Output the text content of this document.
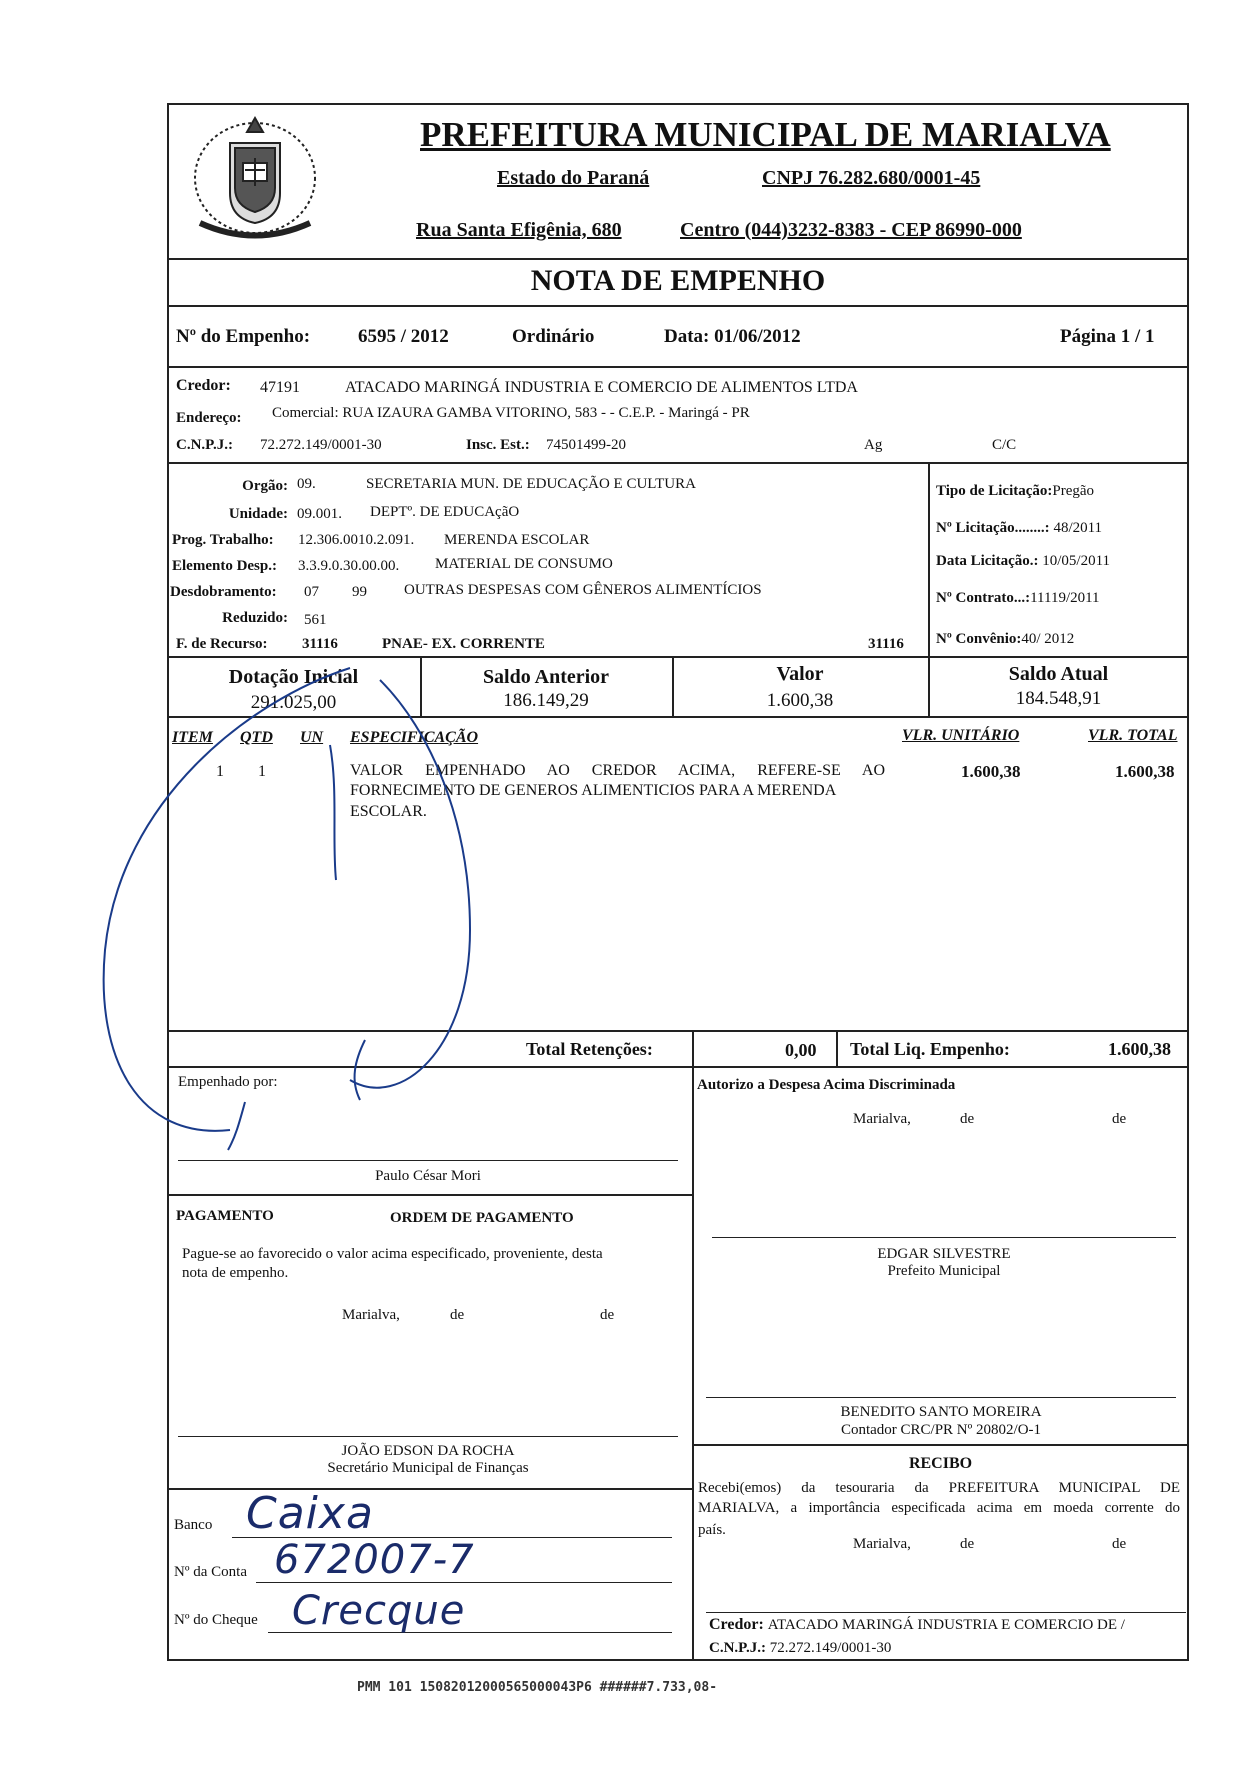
PREFEITURA MUNICIPAL DE MARIALVA
Estado do Paraná	CNPJ 76.282.680/0001-45
Rua Santa Efigênia, 680	Centro (044)3232-8383 - CEP 86990-000
NOTA DE EMPENHO
Nº do Empenho:	6595 / 2012	Ordinário	Data: 01/06/2012	Página 1 / 1
Credor: 47191	ATACADO MARINGÁ INDUSTRIA E COMERCIO DE ALIMENTOS LTDA
Endereço: Comercial: RUA IZAURA GAMBA VITORINO, 583 - - C.E.P. - Maringá - PR
C.N.P.J.: 72.272.149/0001-30	Insc. Est.: 74501499-20	Ag	C/C
Orgão: 09.	SECRETARIA MUN. DE EDUCAÇÃO E CULTURA
Unidade: 09.001. DEPTº. DE EDUCAçãO
Prog. Trabalho: 12.306.0010.2.091. MERENDA ESCOLAR
Elemento Desp.: 3.3.9.0.30.00.00. MATERIAL DE CONSUMO
Desdobramento: 07 99 OUTRAS DESPESAS COM GÊNEROS ALIMENTÍCIOS
Reduzido: 561
F. de Recurso: 31116	PNAE- EX. CORRENTE	31116
Tipo de Licitação:Pregão
Nº Licitação........: 48/2011
Data Licitação.: 10/05/2011
Nº Contrato...:11119/2011
Nº Convênio:40/ 2012
Dotação Inicial
291.025,00
Saldo Anterior
186.149,29
Valor
1.600,38
Saldo Atual
184.548,91
ITEM QTD UN ESPECIFICAÇÃO	VLR. UNITÁRIO	VLR. TOTAL
1 1	VALOR EMPENHADO AO CREDOR ACIMA, REFERE-SE AO
FORNECIMENTO DE GENEROS ALIMENTICIOS PARA A MERENDA
ESCOLAR.
1.600,38	1.600,38
Total Retenções:	0,00 Total Liq. Empenho:	1.600,38
Empenhado por:
Paulo César Mori
PAGAMENTO	ORDEM DE PAGAMENTO
Pague-se ao favorecido o valor acima especificado, proveniente, desta
nota de empenho.
Marialva,	de	de
JOÃO EDSON DA ROCHA
Secretário Municipal de Finanças
Banco Caixa
Nº da Conta 672007-7
Nº do Cheque Crecque
Autorizo a Despesa Acima Discriminada
Marialva,	de	de
EDGAR SILVESTRE
Prefeito Municipal
BENEDITO SANTO MOREIRA
Contador CRC/PR Nº 20802/O-1
RECIBO
Recebi(emos) da tesouraria da PREFEITURA MUNICIPAL DE
MARIALVA, a importância especificada acima em moeda corrente do
país.
Marialva,	de	de
Credor: ATACADO MARINGÁ INDUSTRIA E COMERCIO DE /
C.N.P.J.: 72.272.149/0001-30
PMM 101 15082012000565000043P6 ######7.733,08-
